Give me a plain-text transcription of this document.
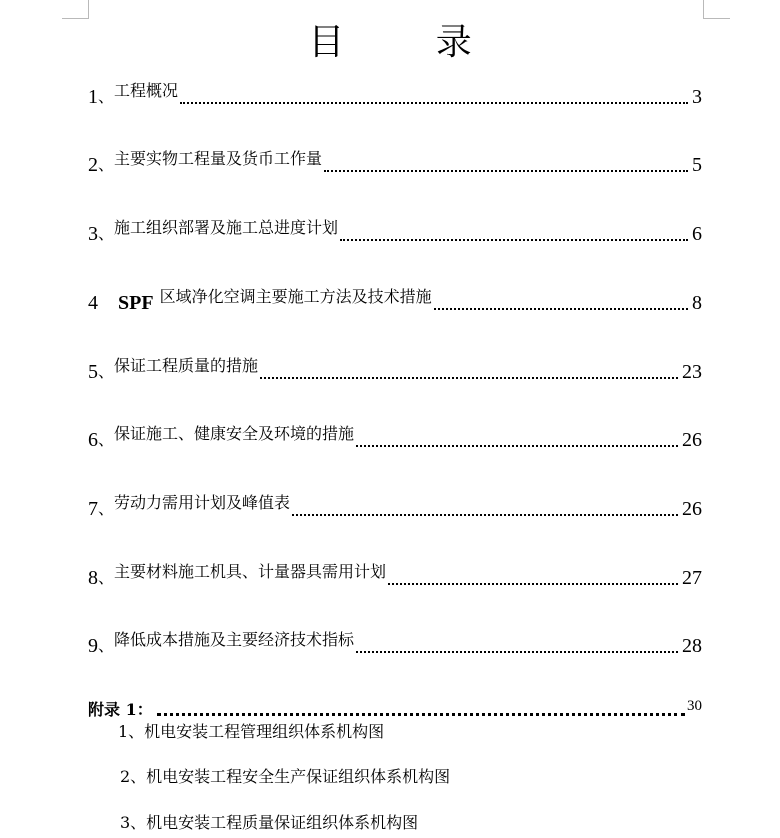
目 录
1 、 工程概况	3
2 、 主要实物工程量及货币工作量	5
3 、 施工组织部署及施工总进度计划	6
4 SPF 区域净化空调主要施工方法及技术措施	8
5 、 保证工程质量的措施	23
6 、 保证施工、健康安全及环境的措施	26
7 、 劳动力需用计划及峰值表	26
8 、 主要材料施工机具、计量器具需用计划	27
9 、 降低成本措施及主要经济技术指标	28
附录 1：	30
1、机电安装工程管理组织体系机构图
2、机电安装工程安全生产保证组织体系机构图
3、机电安装工程质量保证组织体系机构图
